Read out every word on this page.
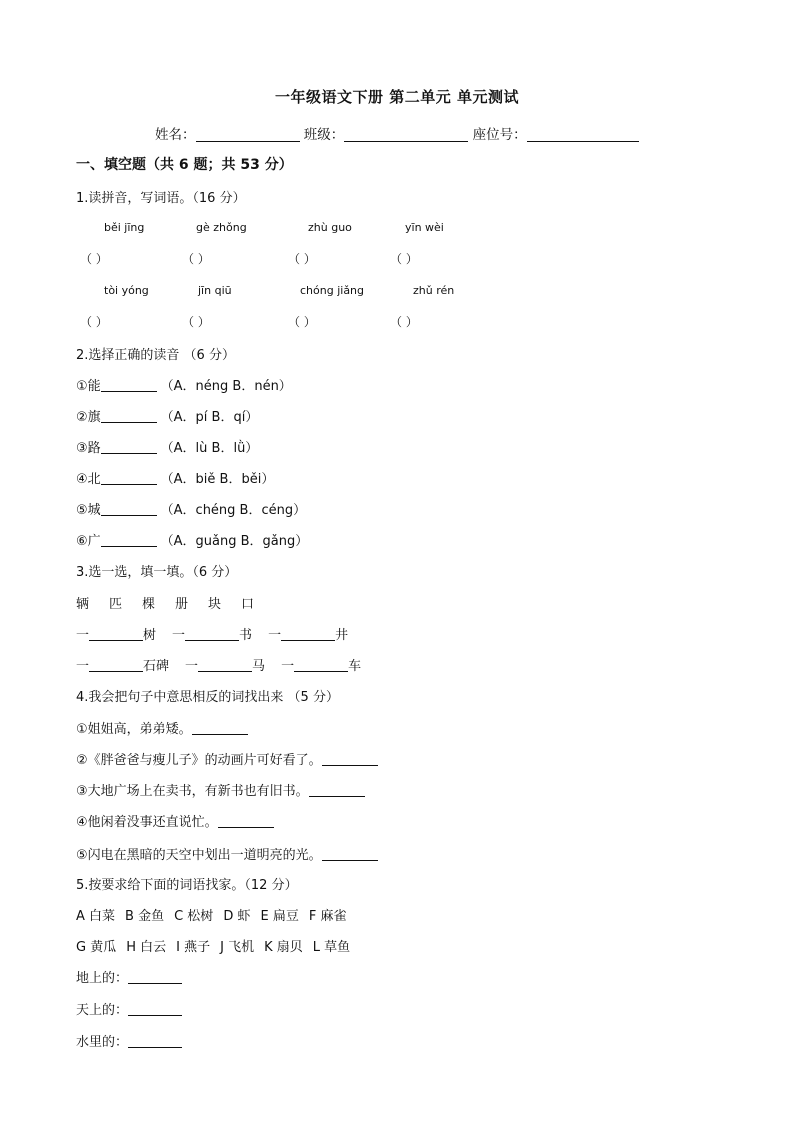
一年级语文下册 第二单元 单元测试
姓名：	班级：	座位号：
一、填空题（共 6 题；共 53 分）
1.读拼音，写词语。（16 分）
běi jīng	gè zhǒng	zhù guo	yīn wèi
（ ）	（ ）	（ ）	（ ）
tòi yóng	jīn qiū	chóng jiǎng	zhǔ rén
（ ）	（ ）	（ ）	（ ）
2.选择正确的读音 （6 分）
①能	（A．néng B．nén）
②旗	（A．pí B．qí）
③路	（A．lù B．lǜ）
④北	（A．biě B．běi）
⑤城	（A．chéng B．céng）
⑥广	（A．guǎng B．gǎng）
3.选一选，填一填。（6 分）
辆 匹 棵 册 块 口
一	树 一	书 一	井
一	石碑 一	马 一	车
4.我会把句子中意思相反的词找出来 （5 分）
①姐姐高，弟弟矮。
②《胖爸爸与瘦儿子》的动画片可好看了。
③大地广场上在卖书，有新书也有旧书。
④他闲着没事还直说忙。
⑤闪电在黑暗的天空中划出一道明亮的光。
5.按要求给下面的词语找家。（12 分）
A 白菜 B 金鱼 C 松树 D 虾 E 扁豆 F 麻雀
G 黄瓜 H 白云 I 燕子 J 飞机 K 扇贝 L 草鱼
地上的：
天上的：
水里的：
